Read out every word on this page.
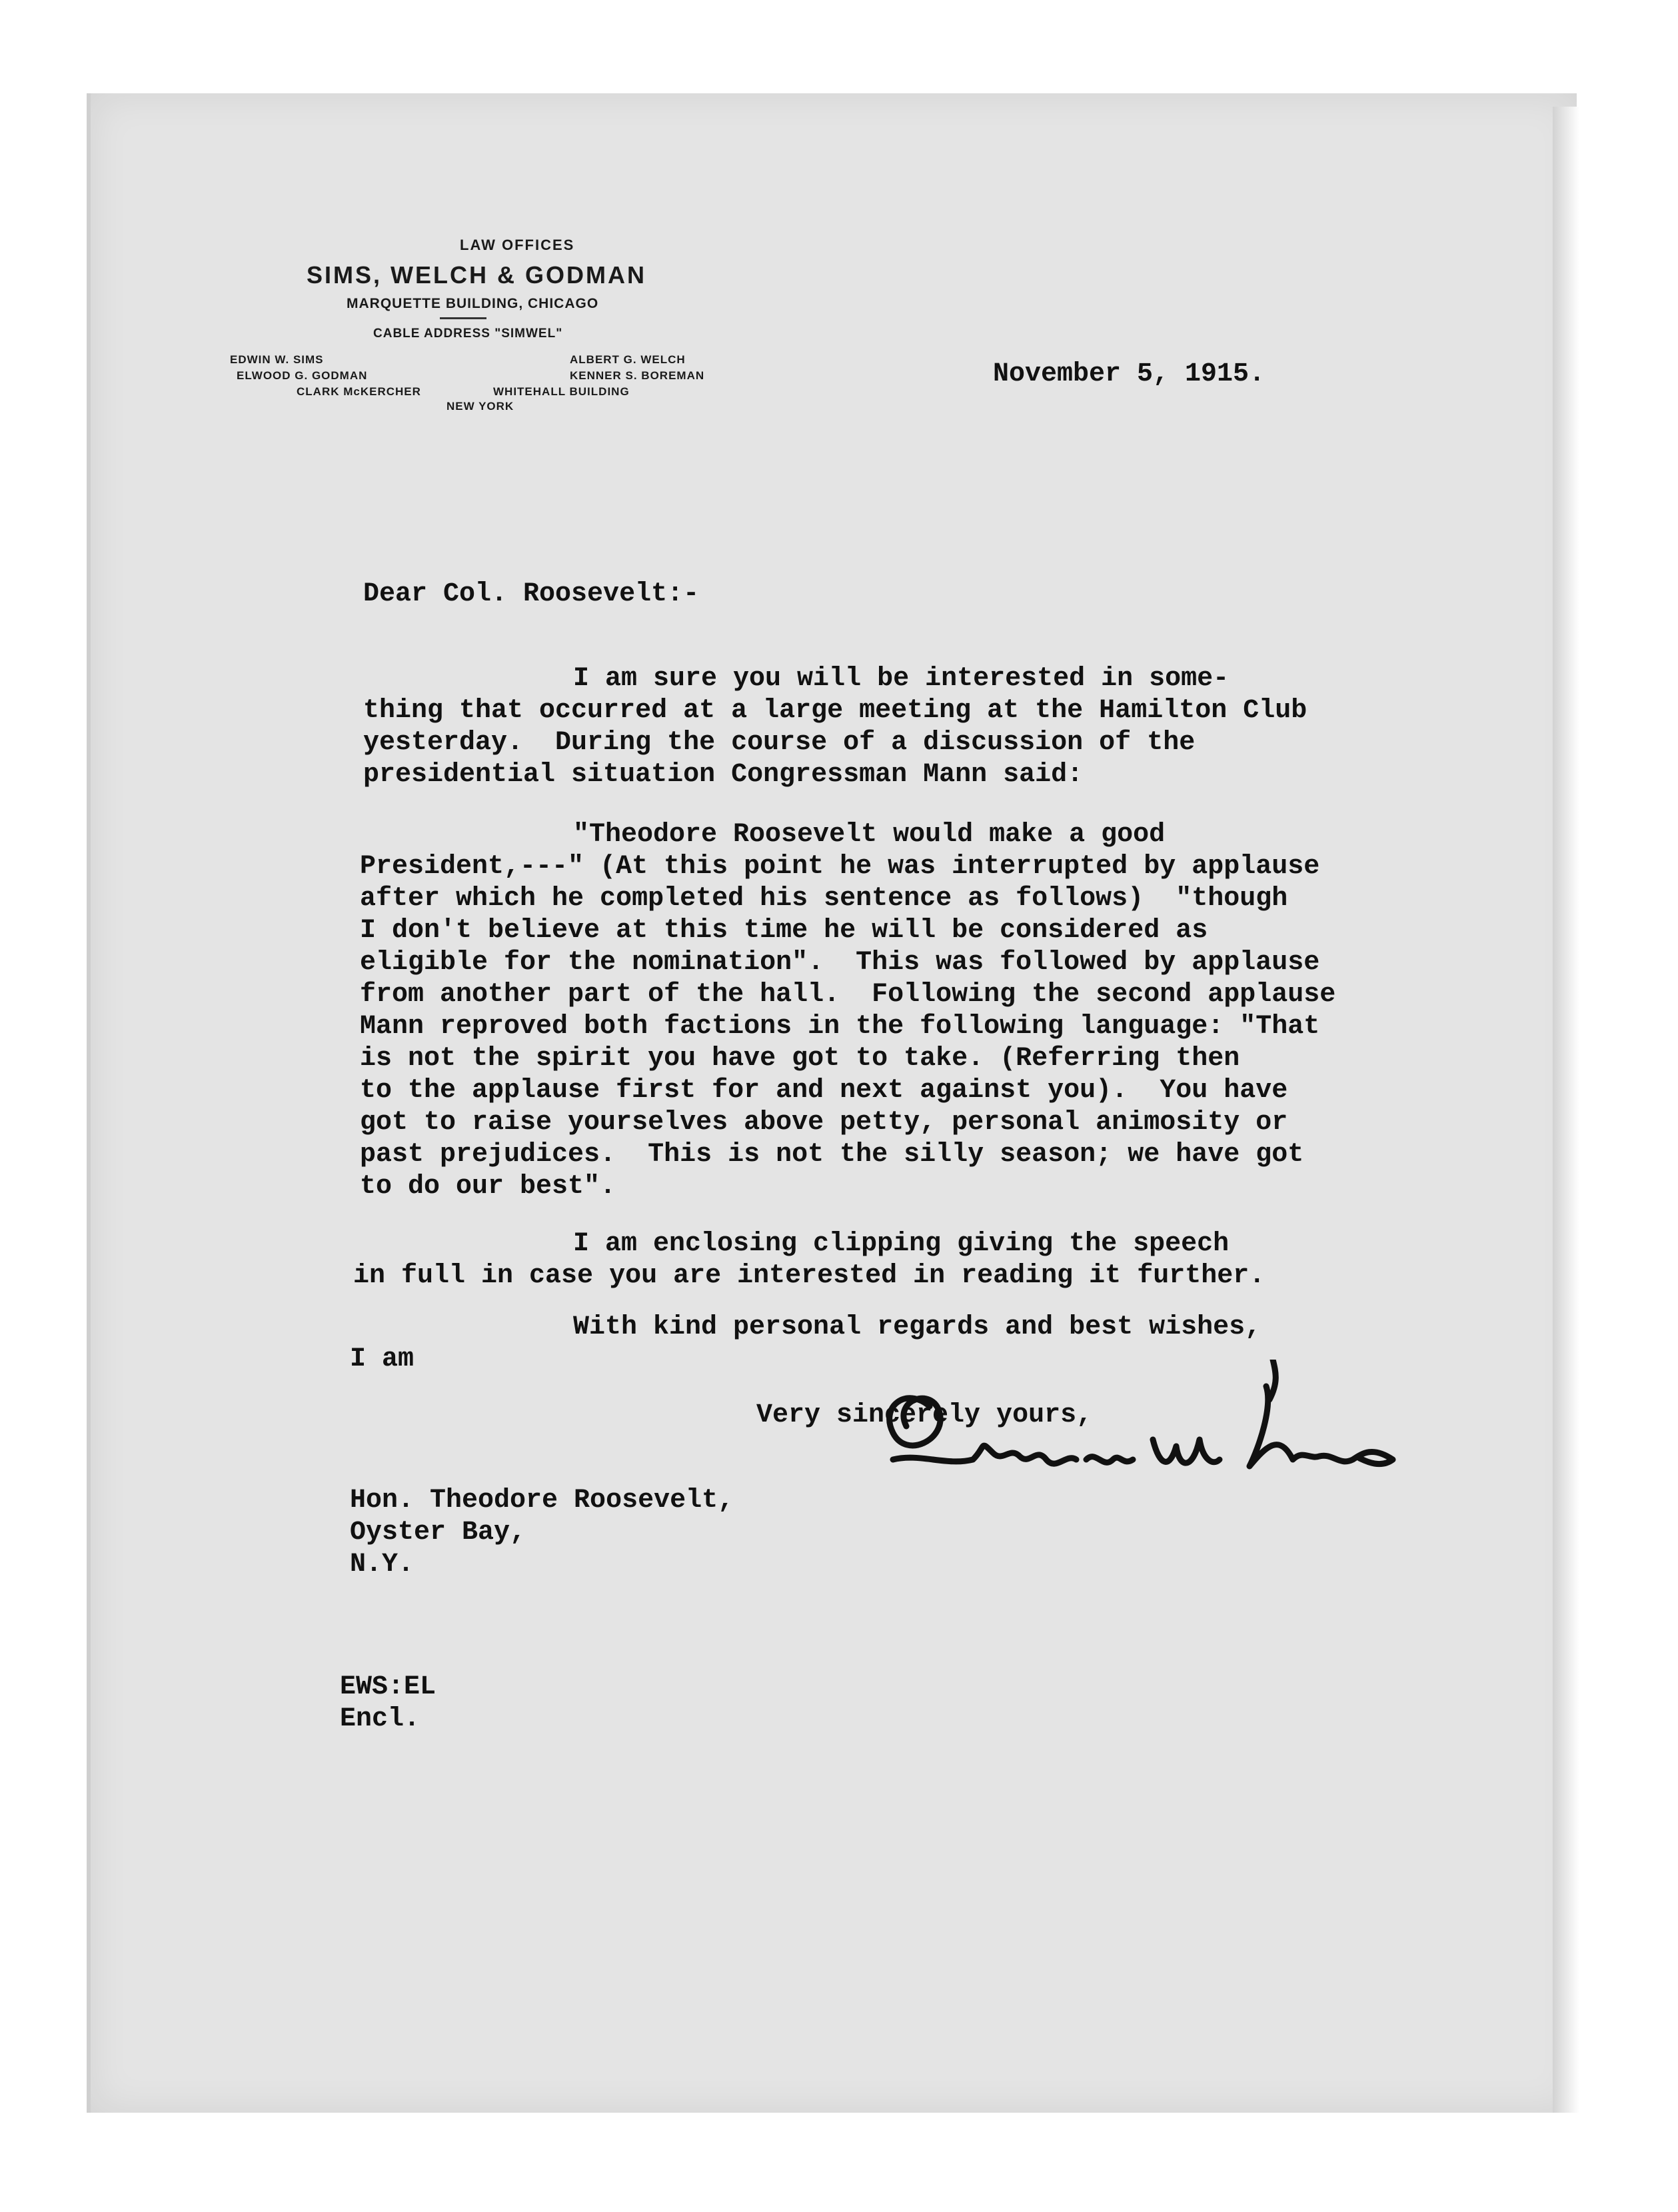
LAW OFFICES
SIMS, WELCH & GODMAN
MARQUETTE BUILDING, CHICAGO
CABLE ADDRESS "SIMWEL"
EDWIN W. SIMS
ELWOOD G. GODMAN
CLARK McKERCHER
ALBERT G. WELCH
KENNER S. BOREMAN
WHITEHALL BUILDING
NEW YORK
November 5, 1915.
Dear Col. Roosevelt:-
I am sure you will be interested in some-
thing that occurred at a large meeting at the Hamilton Club
yesterday.  During the course of a discussion of the
presidential situation Congressman Mann said:
"Theodore Roosevelt would make a good
President,---" (At this point he was interrupted by applause
after which he completed his sentence as follows)  "though
I don't believe at this time he will be considered as
eligible for the nomination".  This was followed by applause
from another part of the hall.  Following the second applause
Mann reproved both factions in the following language: "That
is not the spirit you have got to take. (Referring then
to the applause first for and next against you).  You have
got to raise yourselves above petty, personal animosity or
past prejudices.  This is not the silly season; we have got
to do our best".
I am enclosing clipping giving the speech
in full in case you are interested in reading it further.
With kind personal regards and best wishes,
I am
Very sincerely yours,
Edwin W. Sims
Hon. Theodore Roosevelt,
Oyster Bay,
N.Y.
EWS:EL
Encl.
